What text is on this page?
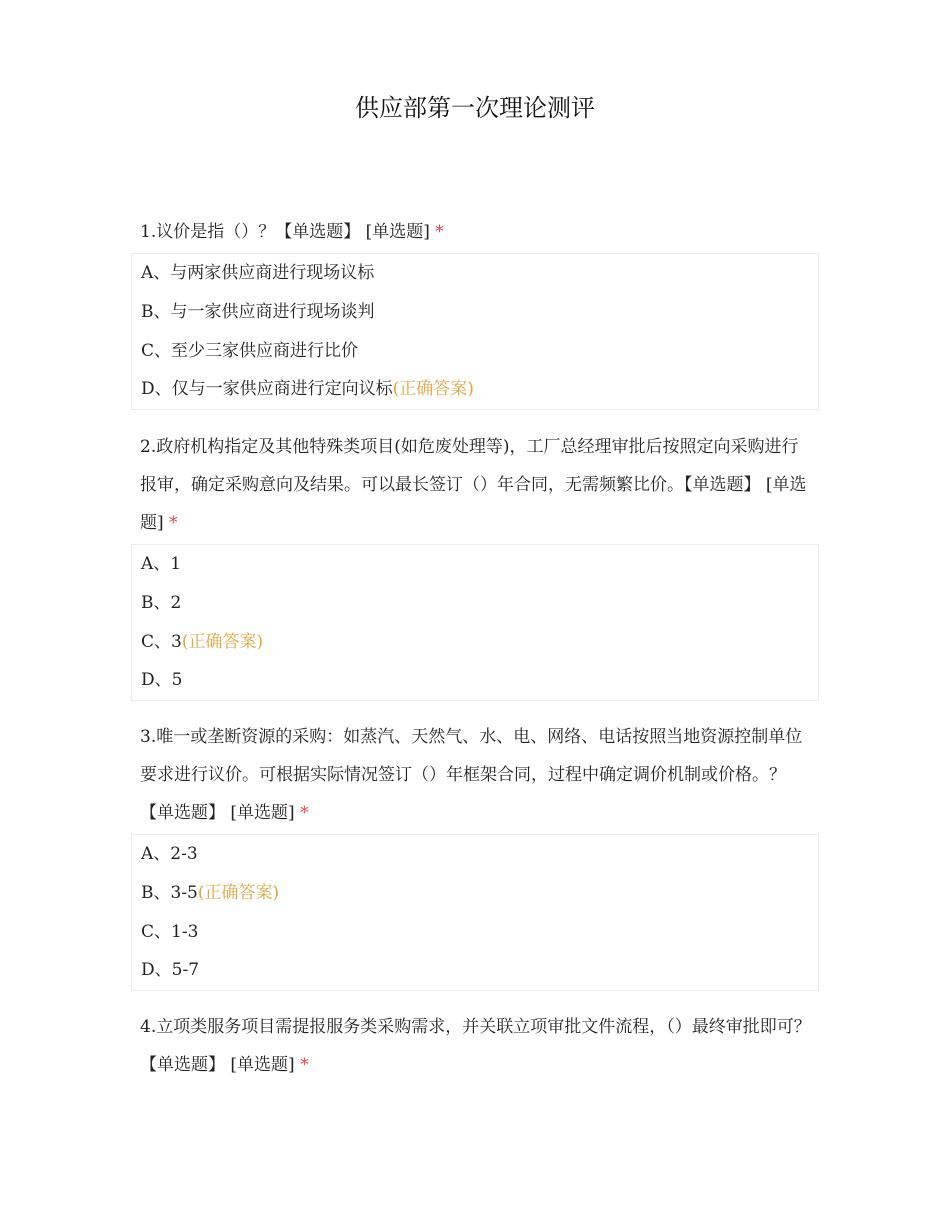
供应部第一次理论测评
1.议价是指（）？【单选题】 [单选题] *
A、与两家供应商进行现场议标
B、与一家供应商进行现场谈判
C、至少三家供应商进行比价
D、仅与一家供应商进行定向议标(正确答案)
2.政府机构指定及其他特殊类项目(如危废处理等)，工厂总经理审批后按照定向采购进行报审，确定采购意向及结果。可以最长签订（）年合同，无需频繁比价。【单选题】 [单选题] *
A、1
B、2
C、3(正确答案)
D、5
3.唯一或垄断资源的采购：如蒸汽、天然气、水、电、网络、电话按照当地资源控制单位要求进行议价。可根据实际情况签订（）年框架合同，过程中确定调价机制或价格。？【单选题】 [单选题] *
A、2-3
B、3-5(正确答案)
C、1-3
D、5-7
4.立项类服务项目需提报服务类采购需求，并关联立项审批文件流程，（）最终审批即可？【单选题】 [单选题] *
